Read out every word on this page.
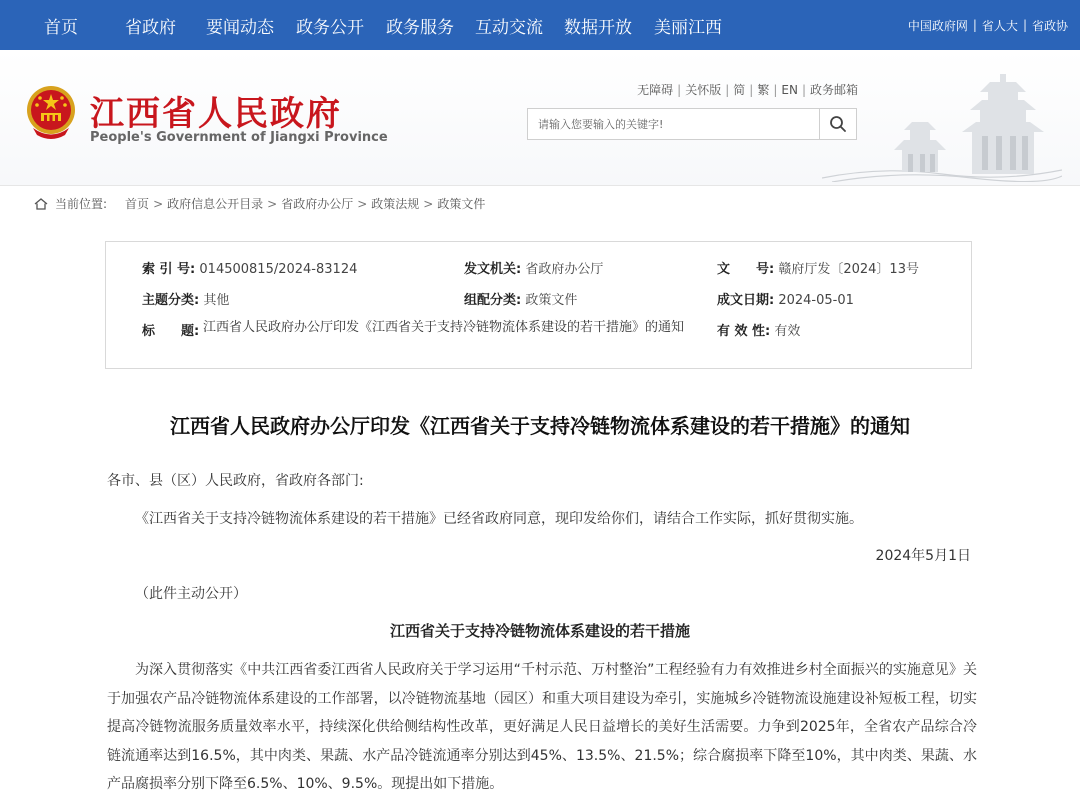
首页	省政府 要闻动态 政务公开 政务服务 互动交流 数据开放 美丽江西	中国政府网 | 省人大 | 省政协
江西省人民政府
People's Government of Jiangxi Province
无障碍 | 关怀版 | 简 | 繁 | EN | 政务邮箱
请输入您要输入的关键字!
当前位置: 首页 > 政府信息公开目录 > 省政府办公厅 > 政策法规 > 政策文件
索 引 号: 014500815/2024-83124	发文机关: 省政府办公厅	文　　号: 赣府厅发〔2024〕13号
主题分类: 其他	组配分类: 政策文件	成文日期: 2024-05-01
标　　题: 江西省人民政府办公厅印发《江西省关于支持冷链物流体系建设的若干措施》的通知	有 效 性: 有效
江西省人民政府办公厅印发《江西省关于支持冷链物流体系建设的若干措施》的通知
各市、县（区）人民政府，省政府各部门:
《江西省关于支持冷链物流体系建设的若干措施》已经省政府同意，现印发给你们，请结合工作实际，抓好贯彻实施。
2024年5月1日
（此件主动公开）
江西省关于支持冷链物流体系建设的若干措施
为深入贯彻落实《中共江西省委江西省人民政府关于学习运用“千村示范、万村整治”工程经验有力有效推进乡村全面振兴的实施意见》关于加强农产品冷链物流体系建设的工作部署，以冷链物流基地（园区）和重大项目建设为牵引，实施城乡冷链物流设施建设补短板工程，切实提高冷链物流服务质量效率水平，持续深化供给侧结构性改革，更好满足人民日益增长的美好生活需要。力争到2025年，全省农产品综合冷链流通率达到16.5%，其中肉类、果蔬、水产品冷链流通率分别达到45%、13.5%、21.5%；综合腐损率下降至10%，其中肉类、果蔬、水产品腐损率分别下降至6.5%、10%、9.5%。现提出如下措施。
